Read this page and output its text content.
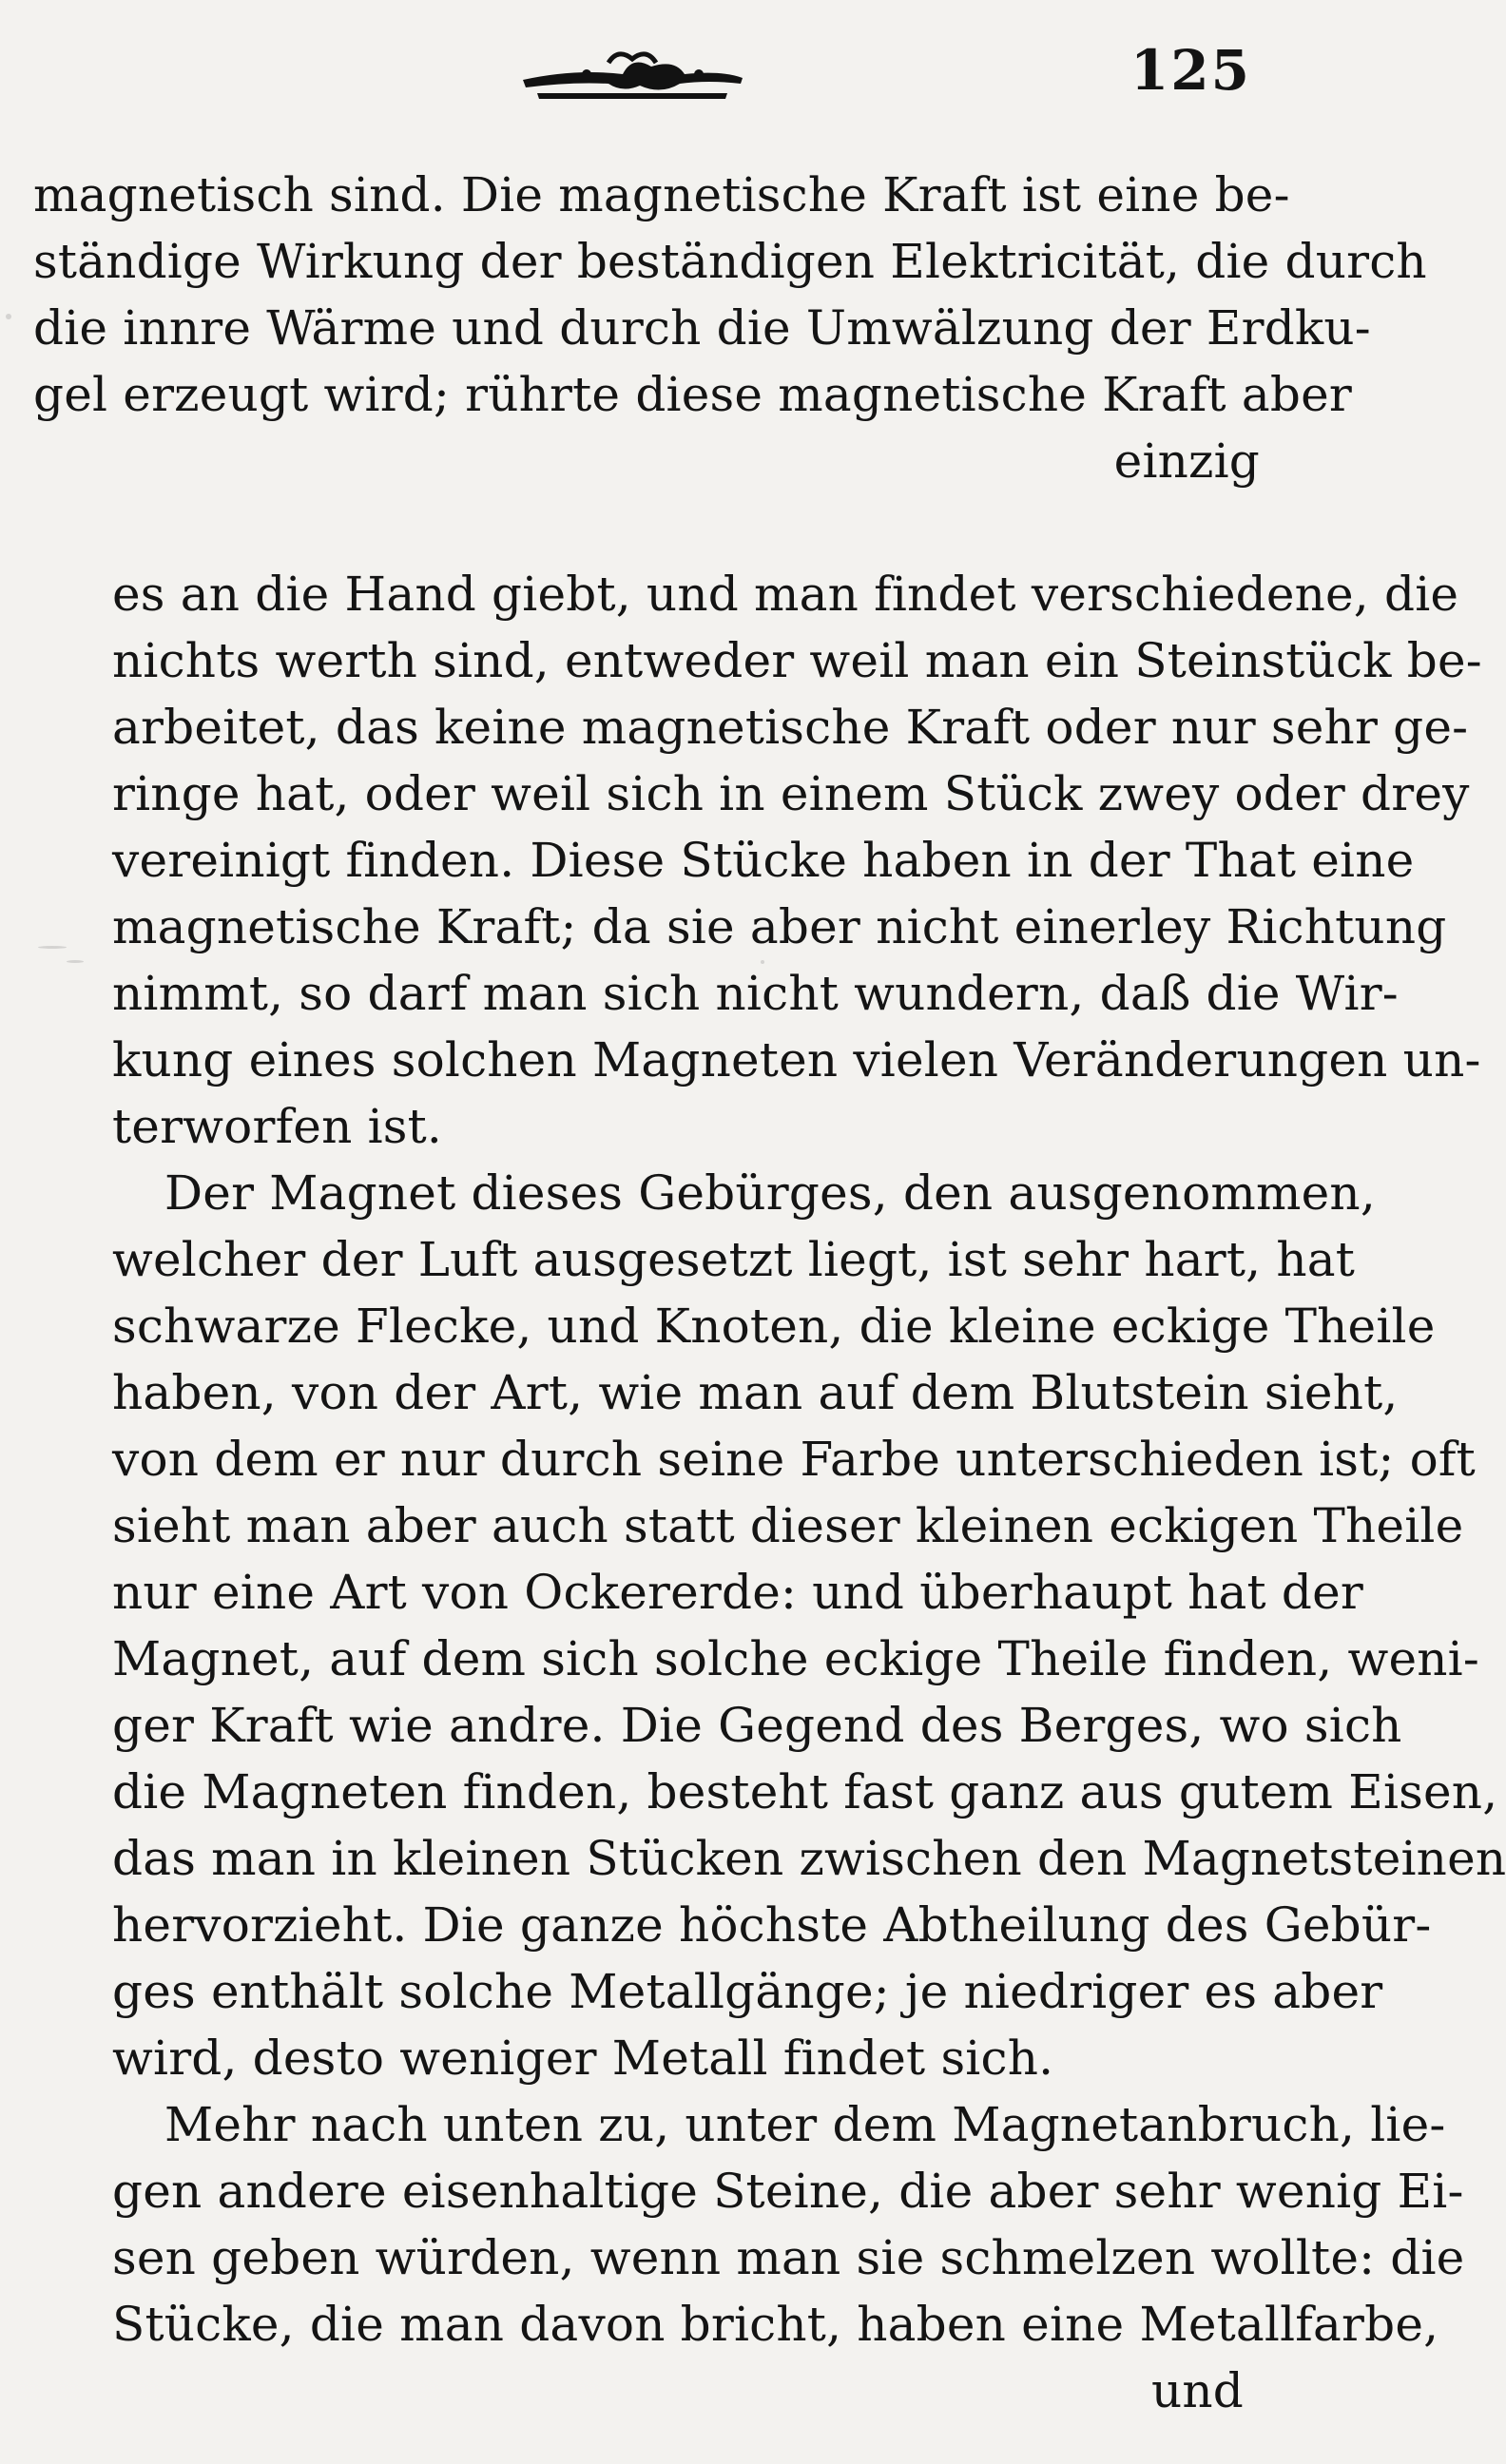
125
magnetisch sind. Die magnetische Kraft ist eine be-
ständige Wirkung der beständigen Elektricität, die durch
die innre Wärme und durch die Umwälzung der Erdku-
gel erzeugt wird; rührte diese magnetische Kraft aber
einzig
es an die Hand giebt, und man findet verschiedene, die
nichts werth sind, entweder weil man ein Steinstück be-
arbeitet, das keine magnetische Kraft oder nur sehr ge-
ringe hat, oder weil sich in einem Stück zwey oder drey
vereinigt finden. Diese Stücke haben in der That eine
magnetische Kraft; da sie aber nicht einerley Richtung
nimmt, so darf man sich nicht wundern, daß die Wir-
kung eines solchen Magneten vielen Veränderungen un-
terworfen ist.
Der Magnet dieses Gebürges, den ausgenommen,
welcher der Luft ausgesetzt liegt, ist sehr hart, hat
schwarze Flecke, und Knoten, die kleine eckige Theile
haben, von der Art, wie man auf dem Blutstein sieht,
von dem er nur durch seine Farbe unterschieden ist; oft
sieht man aber auch statt dieser kleinen eckigen Theile
nur eine Art von Ockererde: und überhaupt hat der
Magnet, auf dem sich solche eckige Theile finden, weni-
ger Kraft wie andre. Die Gegend des Berges, wo sich
die Magneten finden, besteht fast ganz aus gutem Eisen,
das man in kleinen Stücken zwischen den Magnetsteinen
hervorzieht. Die ganze höchste Abtheilung des Gebür-
ges enthält solche Metallgänge; je niedriger es aber
wird, desto weniger Metall findet sich.
Mehr nach unten zu, unter dem Magnetanbruch, lie-
gen andere eisenhaltige Steine, die aber sehr wenig Ei-
sen geben würden, wenn man sie schmelzen wollte: die
Stücke, die man davon bricht, haben eine Metallfarbe,
und
